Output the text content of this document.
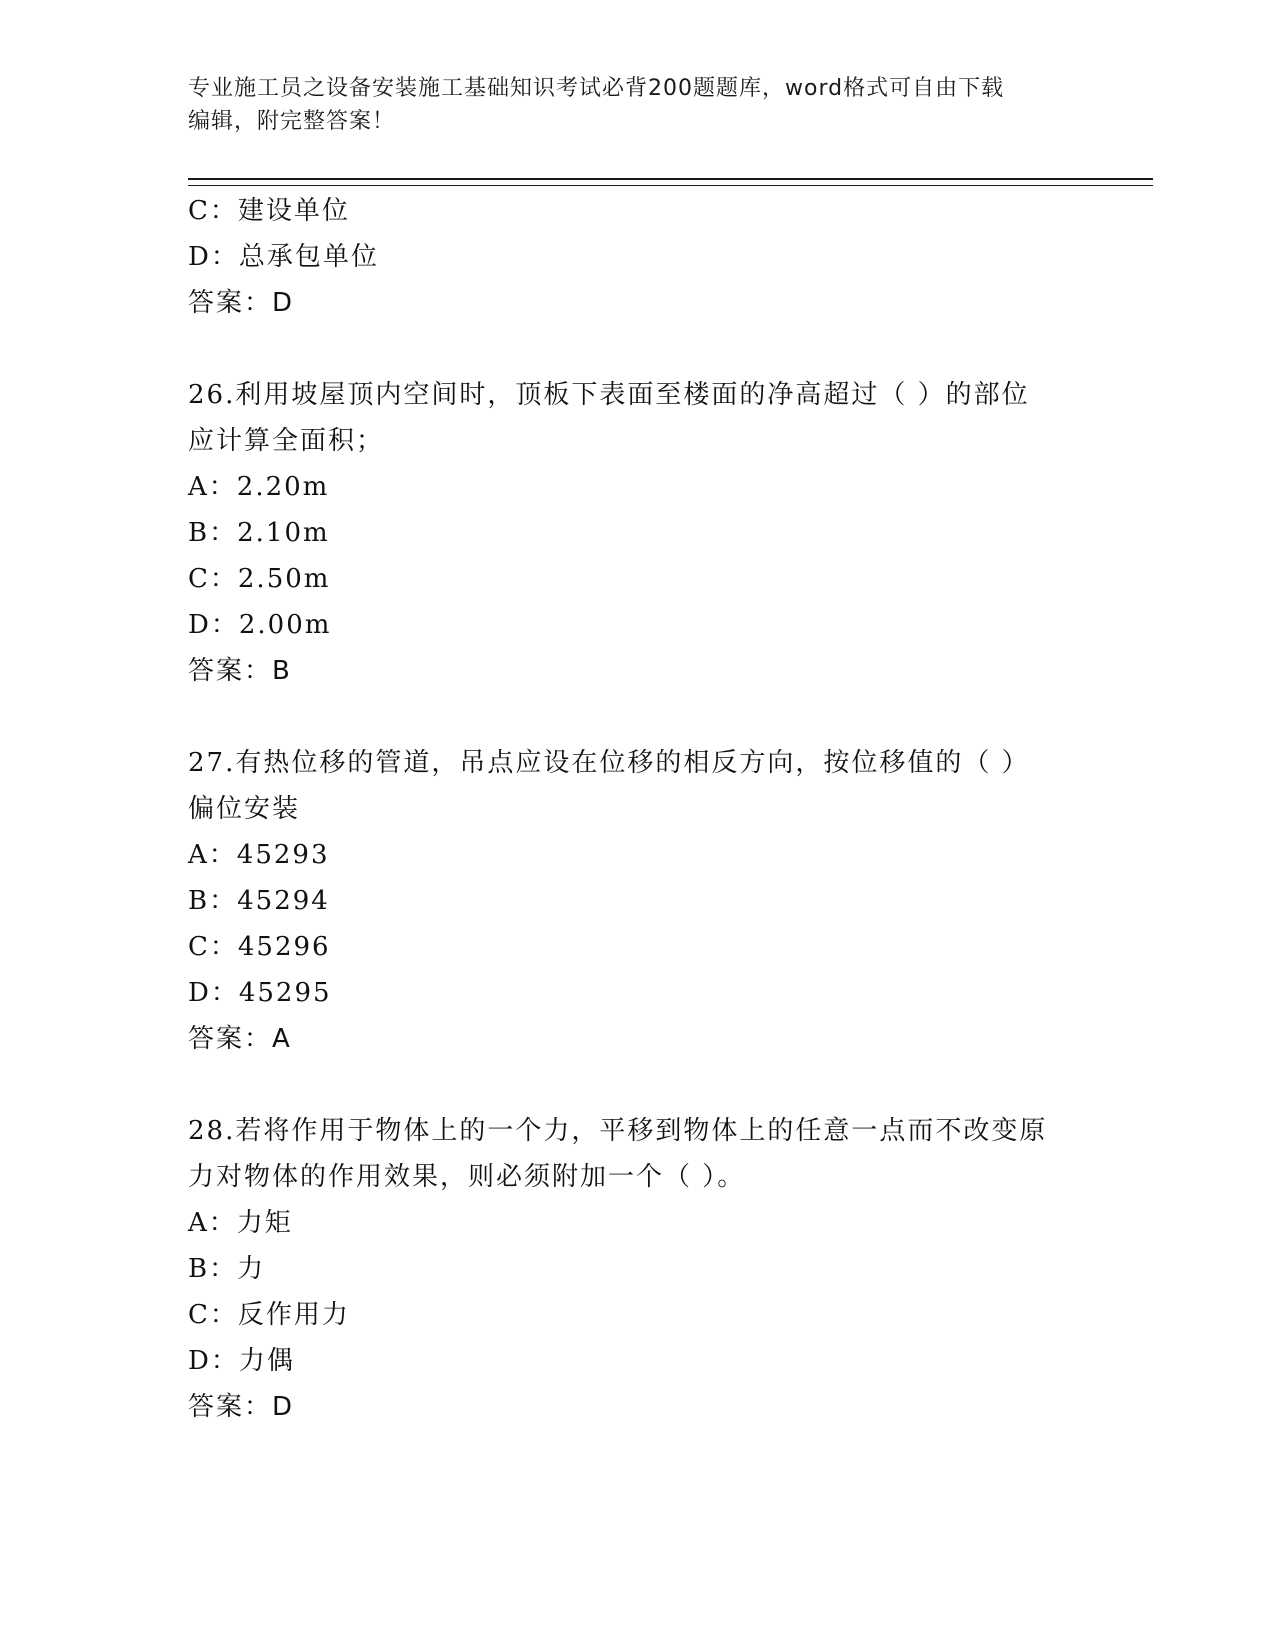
专业施工员之设备安装施工基础知识考试必背200题题库，word格式可自由下载
编辑，附完整答案！

C：建设单位

D：总承包单位

答案：D

26.利用坡屋顶内空间时，顶板下表面至楼面的净高超过（ ）的部位

应计算全面积；

A：2.20m

B：2.10m

C：2.50m

D：2.00m

答案：B

27.有热位移的管道，吊点应设在位移的相反方向，按位移值的（ ）

偏位安装

A：45293

B：45294

C：45296

D：45295

答案：A

28.若将作用于物体上的一个力，平移到物体上的任意一点而不改变原

力对物体的作用效果，则必须附加一个（ ）。

A：力矩

B：力

C：反作用力

D：力偶

答案：D
